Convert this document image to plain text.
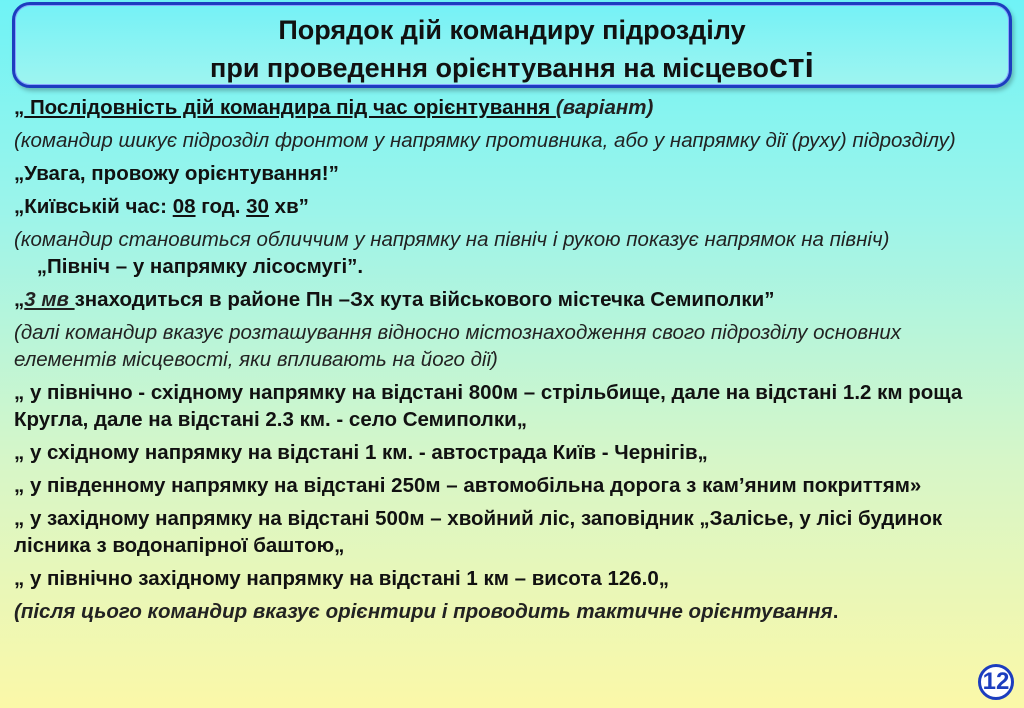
Порядок дій командиру підрозділу
при проведення орієнтування на місцевості

„ Послідовність дій командира під час орієнтування (варіант)

(командир шикує підрозділ фронтом у напрямку противника, або у напрямку дії (руху) підрозділу)

„Увага, провожу орієнтування!”

„Київській час: 08 год. 30 хв”

(командир становиться обличчим у напрямку на північ і рукою показує напрямок на північ)    „Північ – у напрямку лісосмугі”.

„3 мв знаходиться в районе Пн –Зх кута військового містечка Семиполки”

(далі командир вказує розташування відносно містознаходження свого підрозділу основних елементів місцевості, яки впливають на його дії)

„ у північно - східному напрямку на відстані 800м – стрільбище, дале на відстані 1.2 км роща Кругла, дале на відстані 2.3 км. - село Семиполки„

„ у східному напрямку на відстані 1 км. - автострада Київ - Чернігів„

„ у південному напрямку на відстані 250м – автомобільна дорога з кам’яним покриттям»

„ у західному напрямку на відстані 500м – хвойний ліс, заповідник „Залісье, у лісі будинок лісника з водонапірної баштою„

„ у північно західному напрямку на відстані 1 км – висота 126.0„

(після цього командир вказує орієнтири і проводить тактичне орієнтування.

12
